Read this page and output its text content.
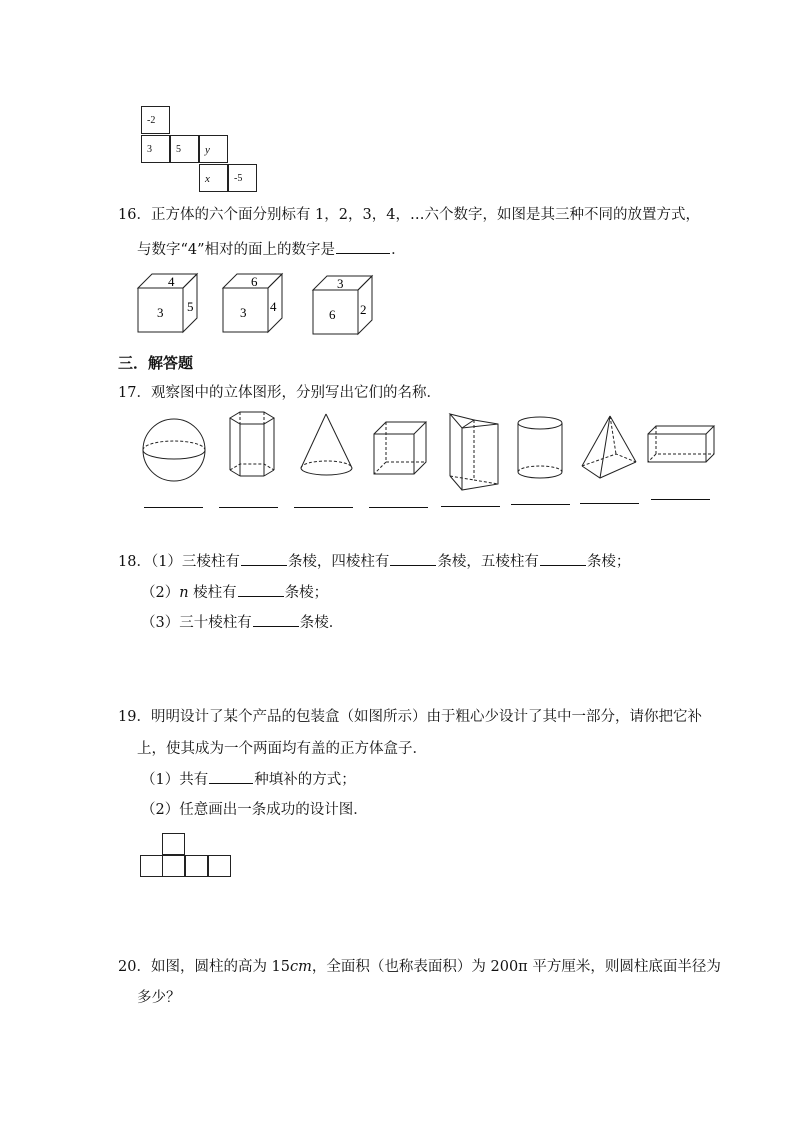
-2
3 5 y
x -5
16．正方体的六个面分别标有 1，2，3，4，…六个数字，如图是其三种不同的放置方式，
与数字“4”相对的面上的数字是	．
4
3 5
6
3 4
3
6 2
三．解答题
17．观察图中的立体图形，分别写出它们的名称．
18．（1）三棱柱有	条棱，四棱柱有	条棱，五棱柱有	条棱；
（2）n 棱柱有	条棱；
（3）三十棱柱有	条棱．
19．明明设计了某个产品的包装盒（如图所示）由于粗心少设计了其中一部分，请你把它补
上，使其成为一个两面均有盖的正方体盒子．
（1）共有	种填补的方式；
（2）任意画出一条成功的设计图．
20．如图，圆柱的高为 15cm，全面积（也称表面积）为 200π 平方厘米，则圆柱底面半径为
多少？
